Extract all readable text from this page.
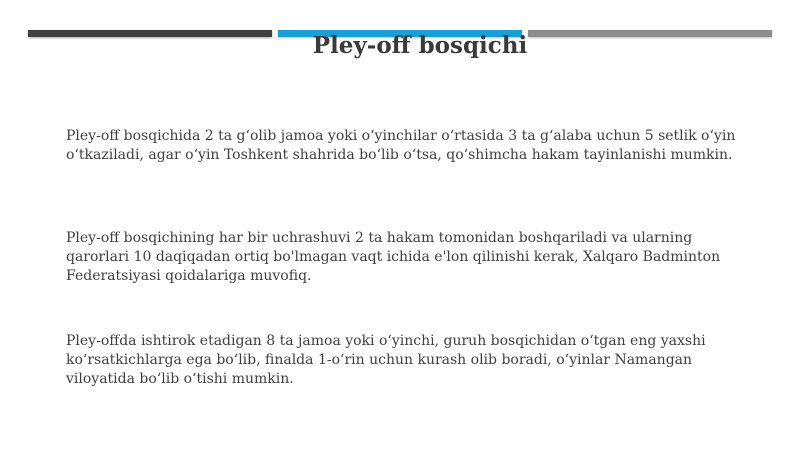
Pley-off bosqichi

Pley-off bosqichida 2 ta g‘olib jamoa yoki o‘yinchilar o‘rtasida 3 ta g‘alaba uchun 5 setlik o‘yin
o‘tkaziladi, agar o‘yin Toshkent shahrida bo‘lib o‘tsa, qo‘shimcha hakam tayinlanishi mumkin.

Pley-off bosqichining har bir uchrashuvi 2 ta hakam tomonidan boshqariladi va ularning
qarorlari 10 daqiqadan ortiq bo'lmagan vaqt ichida e'lon qilinishi kerak, Xalqaro Badminton
Federatsiyasi qoidalariga muvofiq.

Pley-offda ishtirok etadigan 8 ta jamoa yoki o‘yinchi, guruh bosqichidan o‘tgan eng yaxshi
ko‘rsatkichlarga ega bo‘lib, finalda 1-o‘rin uchun kurash olib boradi, o‘yinlar Namangan
viloyatida bo‘lib o‘tishi mumkin.
